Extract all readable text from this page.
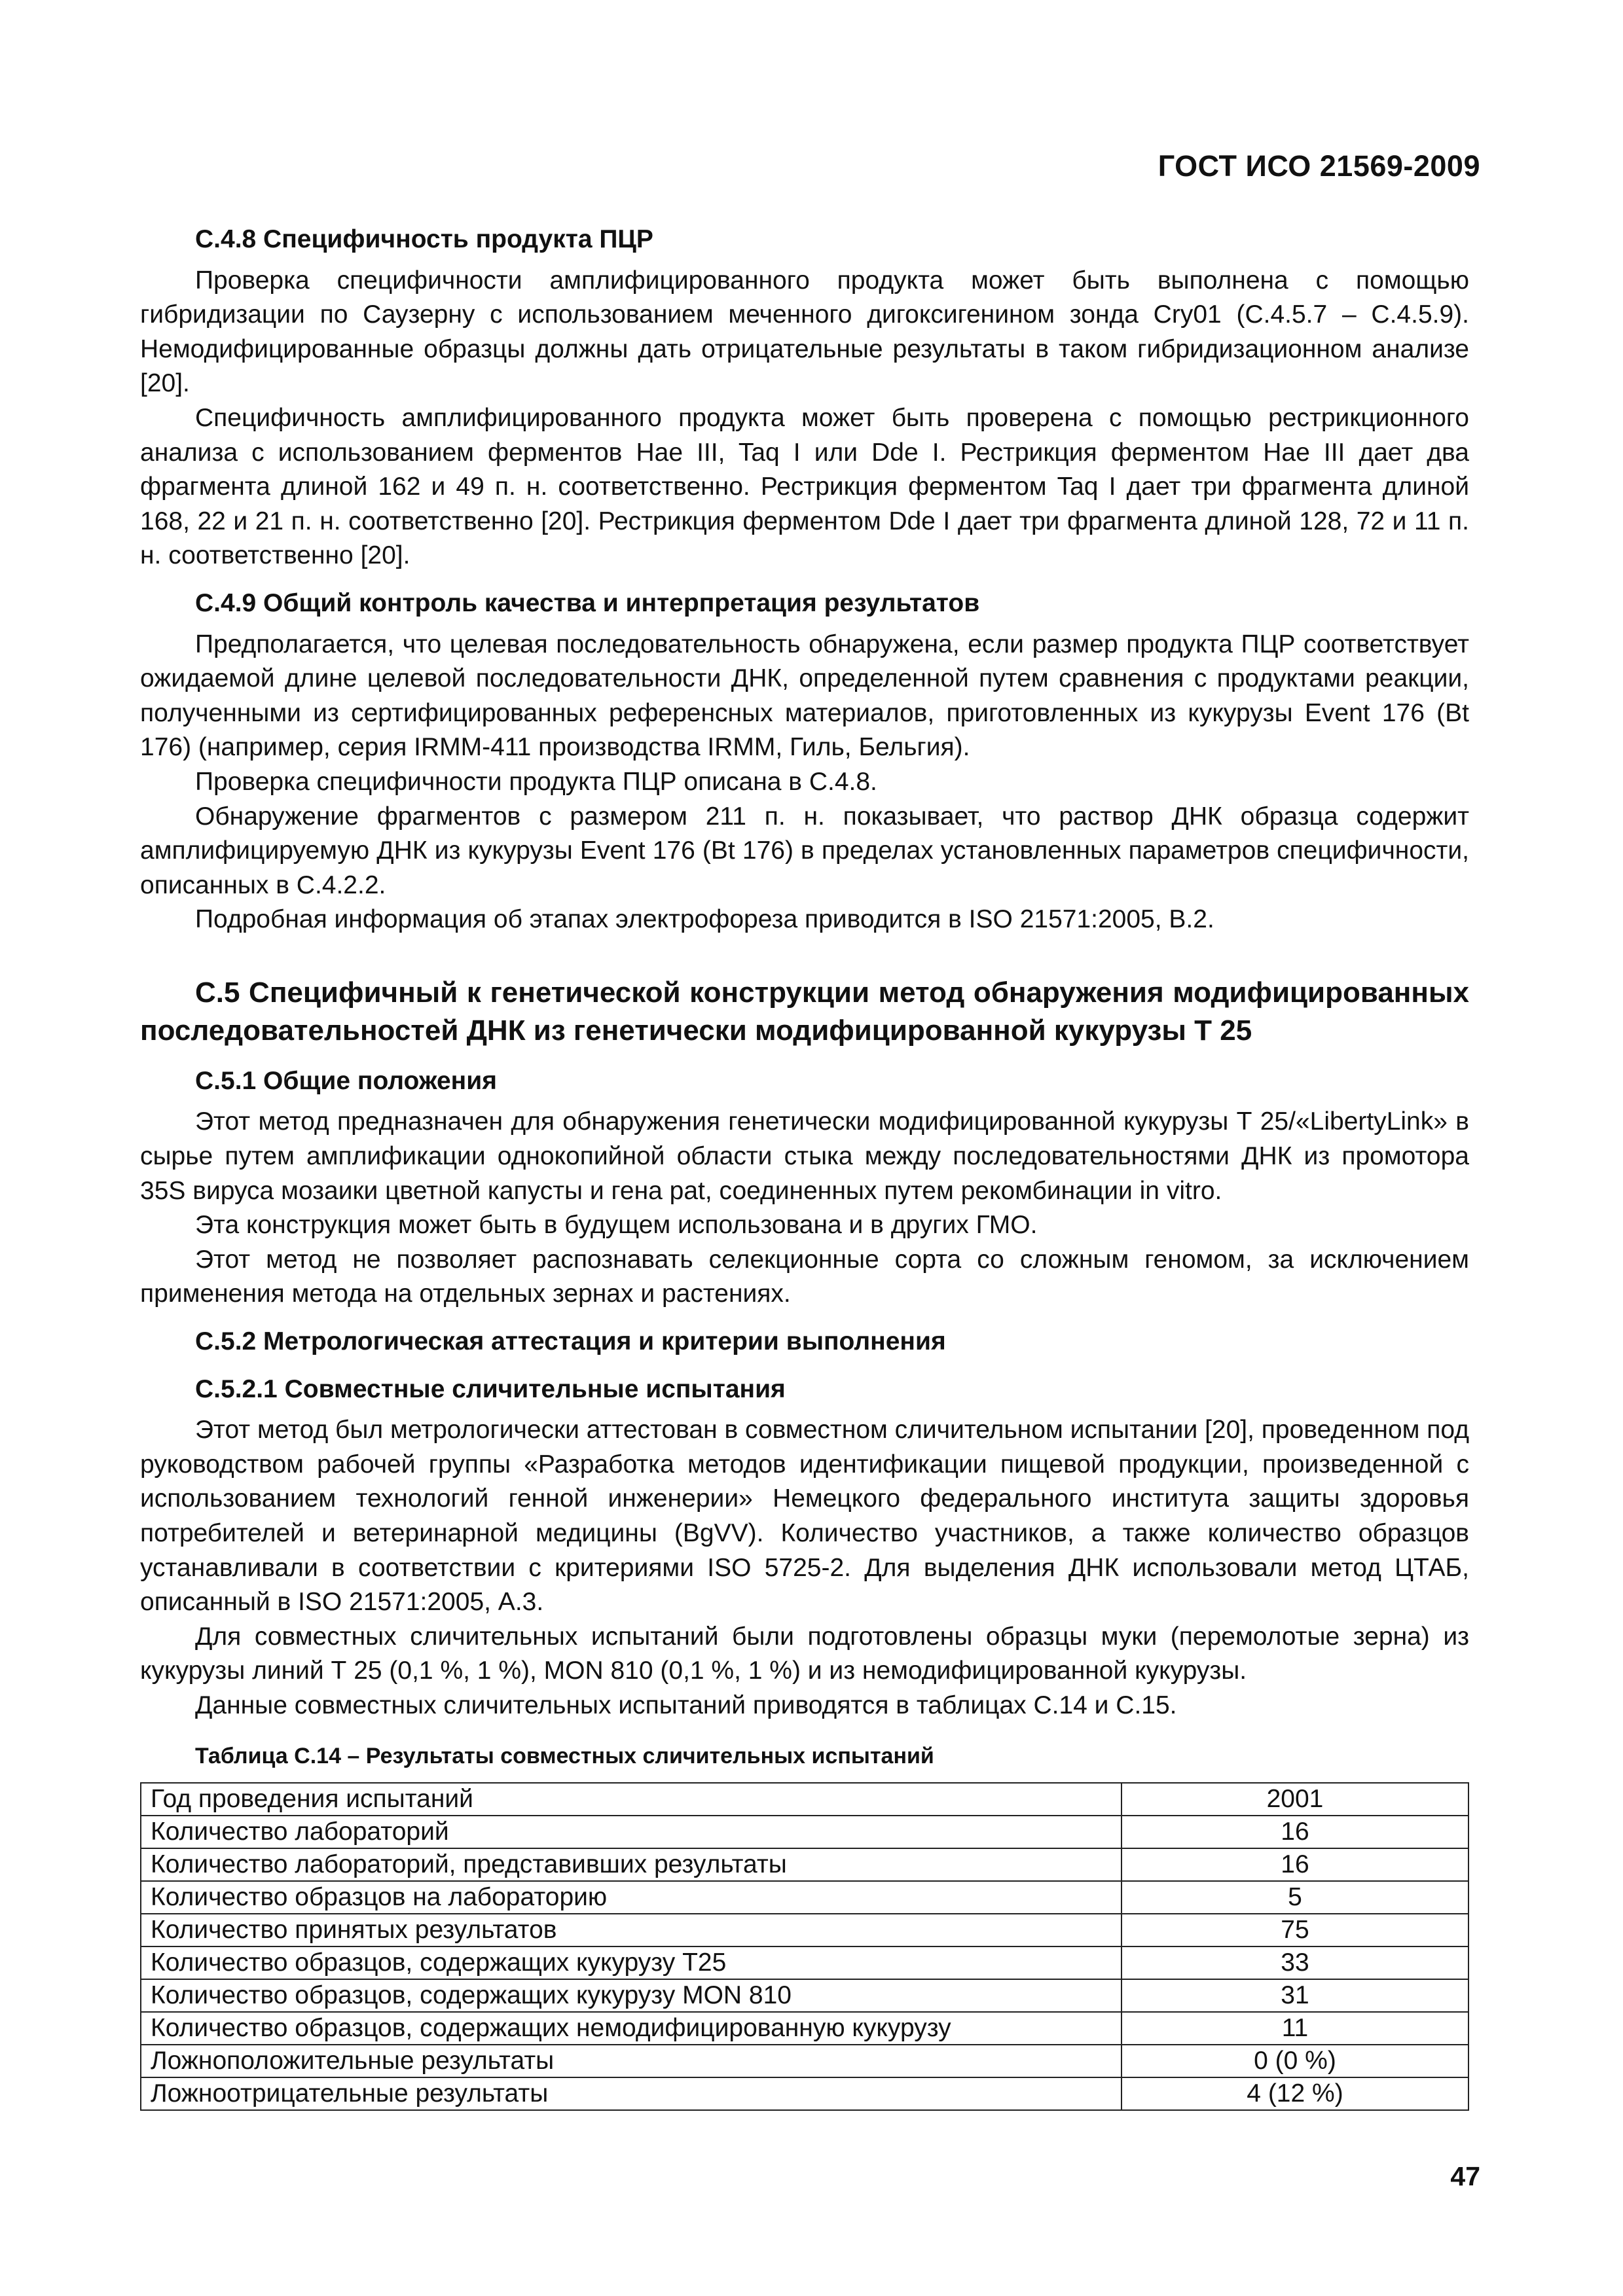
ГОСТ ИСО 21569-2009
С.4.8 Специфичность продукта ПЦР

Проверка специфичности амплифицированного продукта может быть выполнена с помощью гибридизации по Саузерну с использованием меченного дигоксигенином зонда Cry01 (С.4.5.7 – С.4.5.9). Немодифицированные образцы должны дать отрицательные результаты в таком гибридизационном анализе [20].

Специфичность амплифицированного продукта может быть проверена с помощью рестрикционного анализа с использованием ферментов Hae III, Taq I или Dde I. Рестрикция ферментом Hae III дает два фрагмента длиной 162 и 49 п. н. соответственно. Рестрикция ферментом Taq I дает три фрагмента длиной 168, 22 и 21 п. н. соответственно [20]. Рестрикция ферментом Dde I дает три фрагмента длиной 128, 72 и 11 п. н. соответственно [20].

С.4.9 Общий контроль качества и интерпретация результатов

Предполагается, что целевая последовательность обнаружена, если размер продукта ПЦР соответствует ожидаемой длине целевой последовательности ДНК, определенной путем сравнения с продуктами реакции, полученными из сертифицированных референсных материалов, приготовленных из кукурузы Event 176 (Bt 176) (например, серия IRMM-411 производства IRMM, Гиль, Бельгия).

Проверка специфичности продукта ПЦР описана в С.4.8.

Обнаружение фрагментов с размером 211 п. н. показывает, что раствор ДНК образца содержит амплифицируемую ДНК из кукурузы Event 176 (Bt 176) в пределах установленных параметров специфичности, описанных в С.4.2.2.

Подробная информация об этапах электрофореза приводится в ISO 21571:2005, В.2.

С.5 Специфичный к генетической конструкции метод обнаружения модифицированных последовательностей ДНК из генетически модифицированной кукурузы Т 25
С.5.1 Общие положения

Этот метод предназначен для обнаружения генетически модифицированной кукурузы Т 25/«LibertyLink» в сырье путем амплификации однокопийной области стыка между последовательностями ДНК из промотора 35S вируса мозаики цветной капусты и гена pat, соединенных путем рекомбинации in vitro.

Эта конструкция может быть в будущем использована и в других ГМО.

Этот метод не позволяет распознавать селекционные сорта со сложным геномом, за исключением применения метода на отдельных зернах и растениях.

С.5.2 Метрологическая аттестация и критерии выполнения
С.5.2.1 Совместные сличительные испытания

Этот метод был метрологически аттестован в совместном сличительном испытании [20], проведенном под руководством рабочей группы «Разработка методов идентификации пищевой продукции, произведенной с использованием технологий генной инженерии» Немецкого федерального института защиты здоровья потребителей и ветеринарной медицины (BgVV). Количество участников, а также количество образцов устанавливали в соответствии с критериями ISO 5725-2. Для выделения ДНК использовали метод ЦТАБ, описанный в ISO 21571:2005, А.3.

Для совместных сличительных испытаний были подготовлены образцы муки (перемолотые зерна) из кукурузы линий Т 25 (0,1 %, 1 %), MON 810 (0,1 %, 1 %) и из немодифицированной кукурузы.

Данные совместных сличительных испытаний приводятся в таблицах С.14 и С.15.

Таблица С.14 – Результаты совместных сличительных испытаний
Год проведения испытаний	2001
Количество лабораторий	16
Количество лабораторий, представивших результаты	16
Количество образцов на лабораторию	5
Количество принятых результатов	75
Количество образцов, содержащих кукурузу Т25	33
Количество образцов, содержащих кукурузу MON 810	31
Количество образцов, содержащих немодифицированную кукурузу	11
Ложноположительные результаты	0 (0 %)
Ложноотрицательные результаты	4 (12 %)
47
